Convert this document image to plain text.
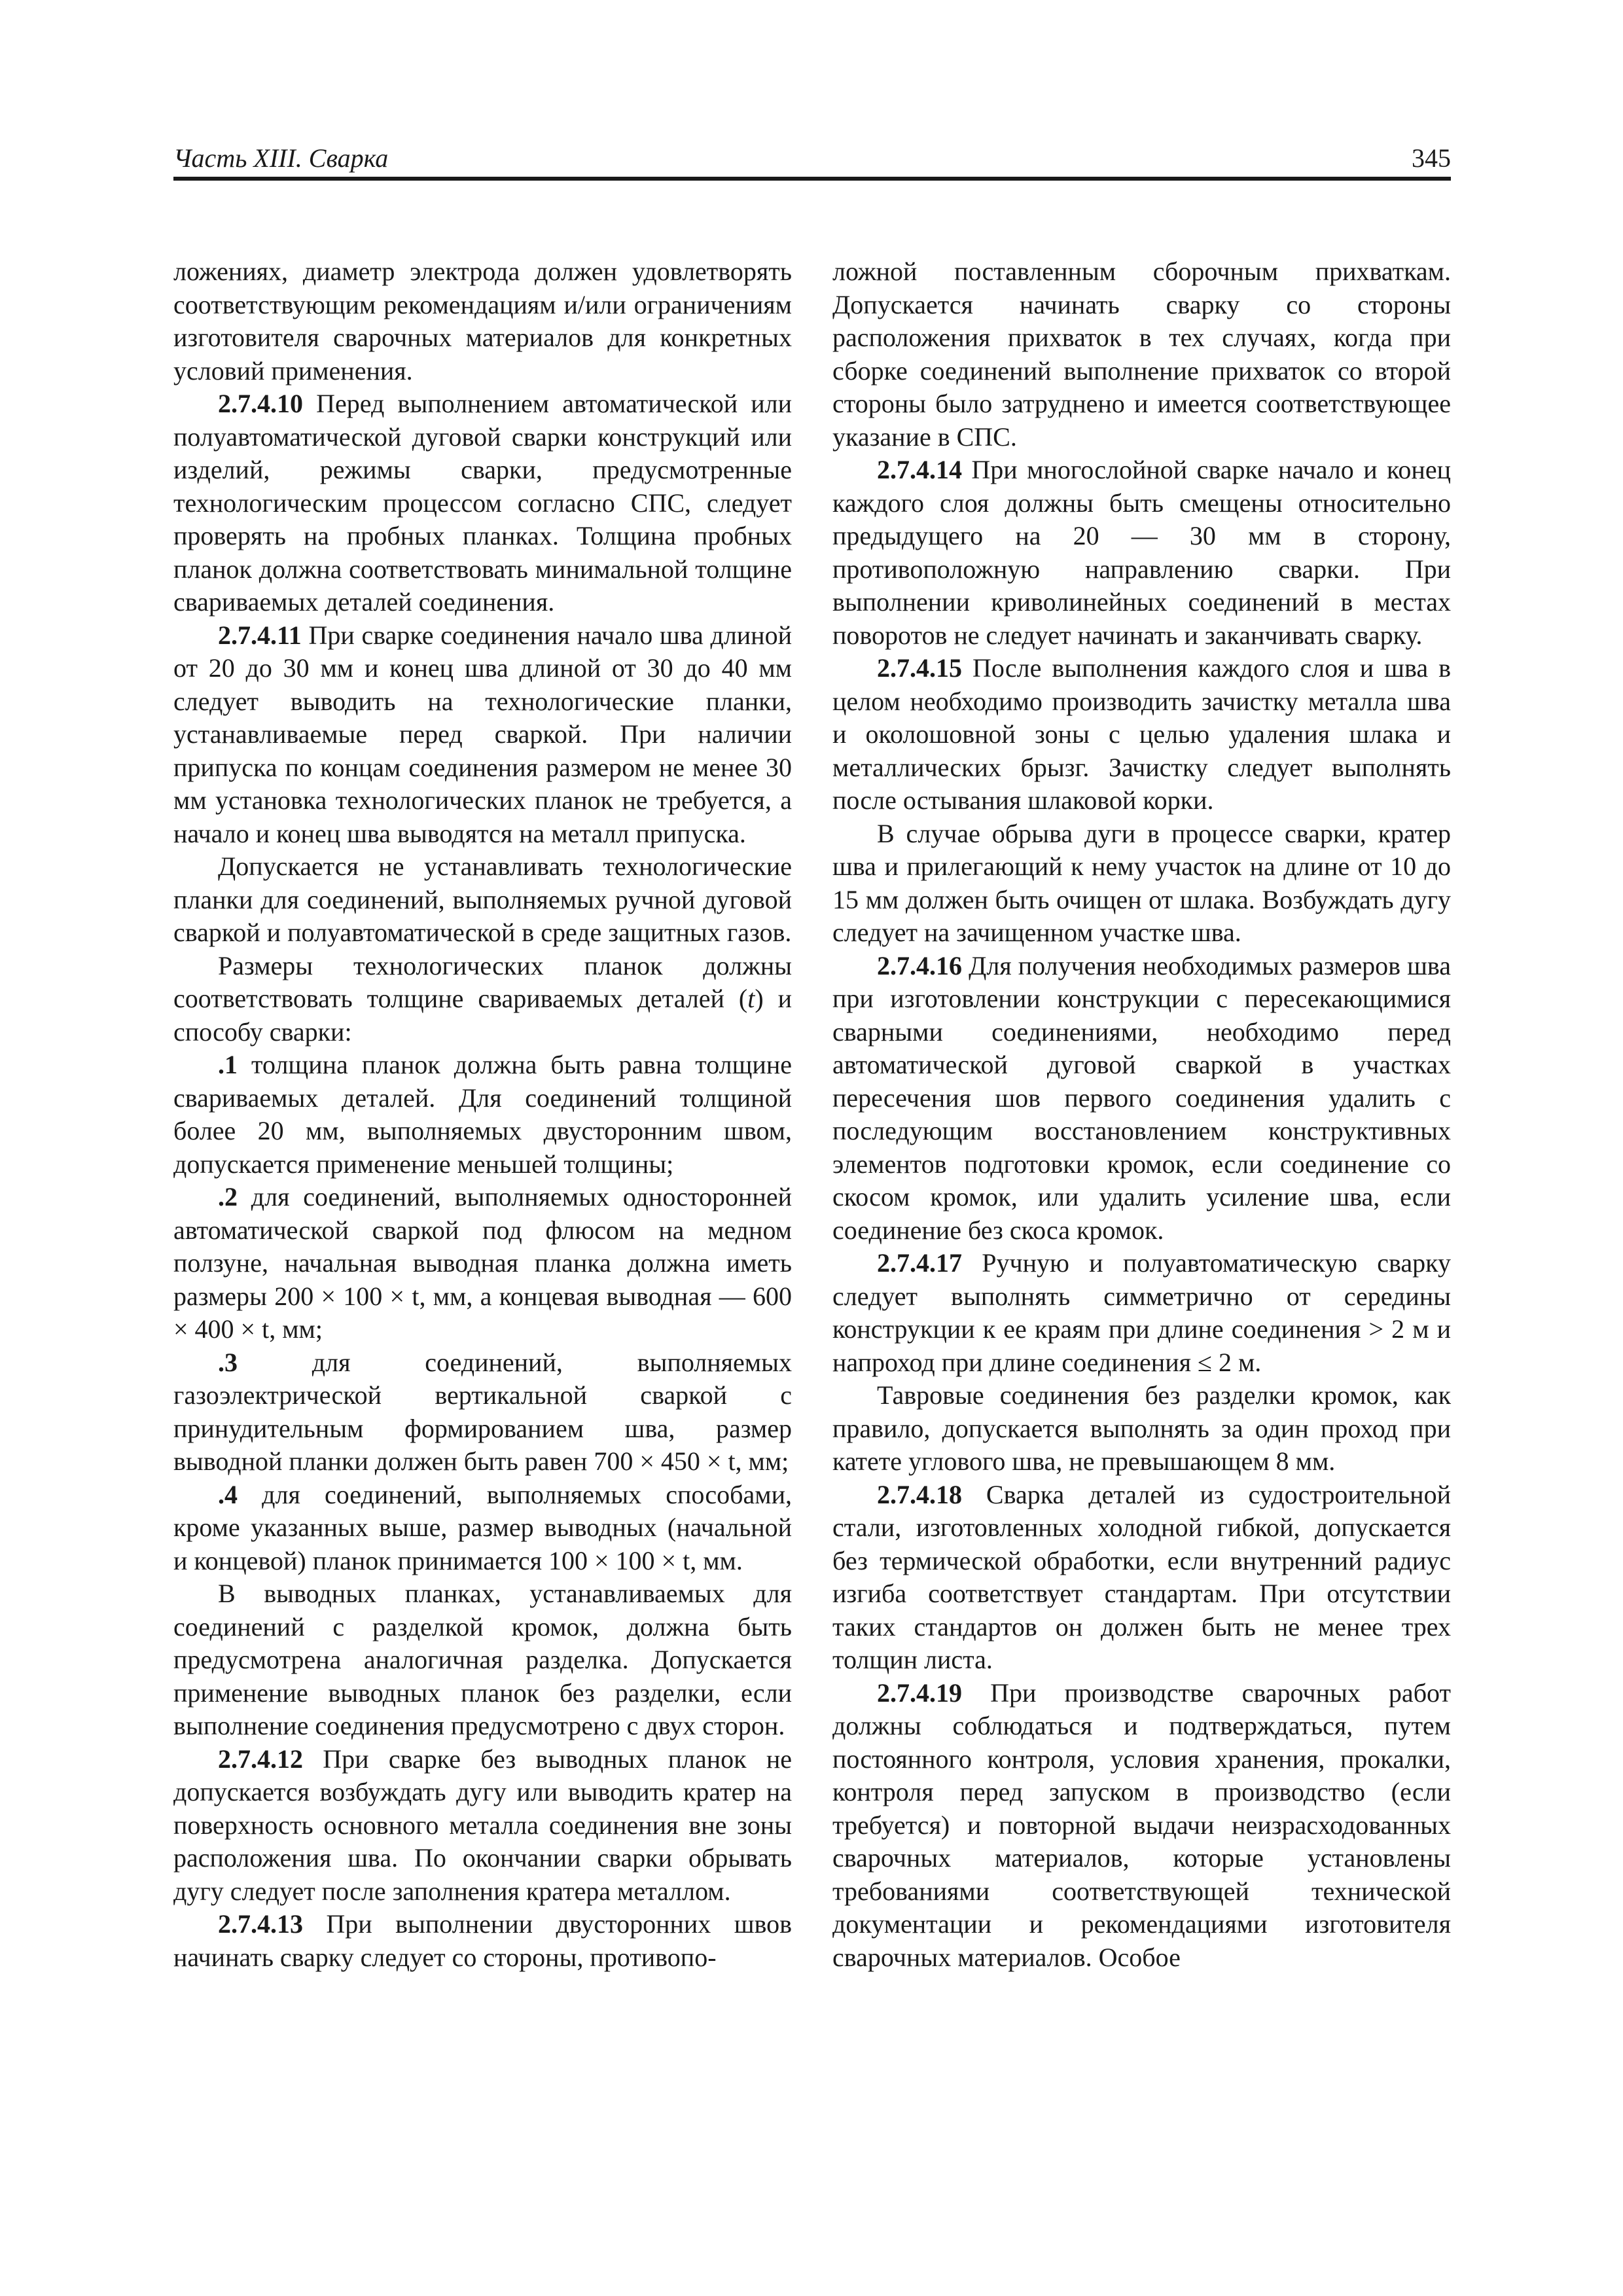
Часть XIII. Сварка	345

ложениях, диаметр электрода должен удовлетворять соответствующим рекомендациям и/или ограничениям изготовителя сварочных материалов для конкретных условий применения.

2.7.4.10 Перед выполнением автоматической или полуавтоматической дуговой сварки конструкций или изделий, режимы сварки, предусмотренные технологическим процессом согласно СПС, следует проверять на пробных планках. Толщина пробных планок должна соответствовать минимальной толщине свариваемых деталей соединения.

2.7.4.11 При сварке соединения начало шва длиной от 20 до 30 мм и конец шва длиной от 30 до 40 мм следует выводить на технологические планки, устанавливаемые перед сваркой. При наличии припуска по концам соединения размером не менее 30 мм установка технологических планок не требуется, а начало и конец шва выводятся на металл припуска.

Допускается не устанавливать технологические планки для соединений, выполняемых ручной дуговой сваркой и полуавтоматической в среде защитных газов.

Размеры технологических планок должны соответствовать толщине свариваемых деталей (t) и способу сварки:

.1 толщина планок должна быть равна толщине свариваемых деталей. Для соединений толщиной более 20 мм, выполняемых двусторонним швом, допускается применение меньшей толщины;

.2 для соединений, выполняемых односторонней автоматической сваркой под флюсом на медном ползуне, начальная выводная планка должна иметь размеры 200 × 100 × t, мм, а концевая выводная — 600 × 400 × t, мм;

.3 для соединений, выполняемых газоэлектрической вертикальной сваркой с принудительным формированием шва, размер выводной планки должен быть равен 700 × 450 × t, мм;

.4 для соединений, выполняемых способами, кроме указанных выше, размер выводных (начальной и концевой) планок принимается 100 × 100 × t, мм.

В выводных планках, устанавливаемых для соединений с разделкой кромок, должна быть предусмотрена аналогичная разделка. Допускается применение выводных планок без разделки, если выполнение соединения предусмотрено с двух сторон.

2.7.4.12 При сварке без выводных планок не допускается возбуждать дугу или выводить кратер на поверхность основного металла соединения вне зоны расположения шва. По окончании сварки обрывать дугу следует после заполнения кратера металлом.

2.7.4.13 При выполнении двусторонних швов начинать сварку следует со стороны, противопо-

ложной поставленным сборочным прихваткам. Допускается начинать сварку со стороны расположения прихваток в тех случаях, когда при сборке соединений выполнение прихваток со второй стороны было затруднено и имеется соответствующее указание в СПС.

2.7.4.14 При многослойной сварке начало и конец каждого слоя должны быть смещены относительно предыдущего на 20 — 30 мм в сторону, противоположную направлению сварки. При выполнении криволинейных соединений в местах поворотов не следует начинать и заканчивать сварку.

2.7.4.15 После выполнения каждого слоя и шва в целом необходимо производить зачистку металла шва и околошовной зоны с целью удаления шлака и металлических брызг. Зачистку следует выполнять после остывания шлаковой корки.

В случае обрыва дуги в процессе сварки, кратер шва и прилегающий к нему участок на длине от 10 до 15 мм должен быть очищен от шлака. Возбуждать дугу следует на зачищенном участке шва.

2.7.4.16 Для получения необходимых размеров шва при изготовлении конструкции с пересекающимися сварными соединениями, необходимо перед автоматической дуговой сваркой в участках пересечения шов первого соединения удалить с последующим восстановлением конструктивных элементов подготовки кромок, если соединение со скосом кромок, или удалить усиление шва, если соединение без скоса кромок.

2.7.4.17 Ручную и полуавтоматическую сварку следует выполнять симметрично от середины конструкции к ее краям при длине соединения > 2 м и напроход при длине соединения ≤ 2 м.

Тавровые соединения без разделки кромок, как правило, допускается выполнять за один проход при катете углового шва, не превышающем 8 мм.

2.7.4.18 Сварка деталей из судостроительной стали, изготовленных холодной гибкой, допускается без термической обработки, если внутренний радиус изгиба соответствует стандартам. При отсутствии таких стандартов он должен быть не менее трех толщин листа.

2.7.4.19 При производстве сварочных работ должны соблюдаться и подтверждаться, путем постоянного контроля, условия хранения, прокалки, контроля перед запуском в производство (если требуется) и повторной выдачи неизрасходованных сварочных материалов, которые установлены требованиями соответствующей технической документации и рекомендациями изготовителя сварочных материалов. Особое
